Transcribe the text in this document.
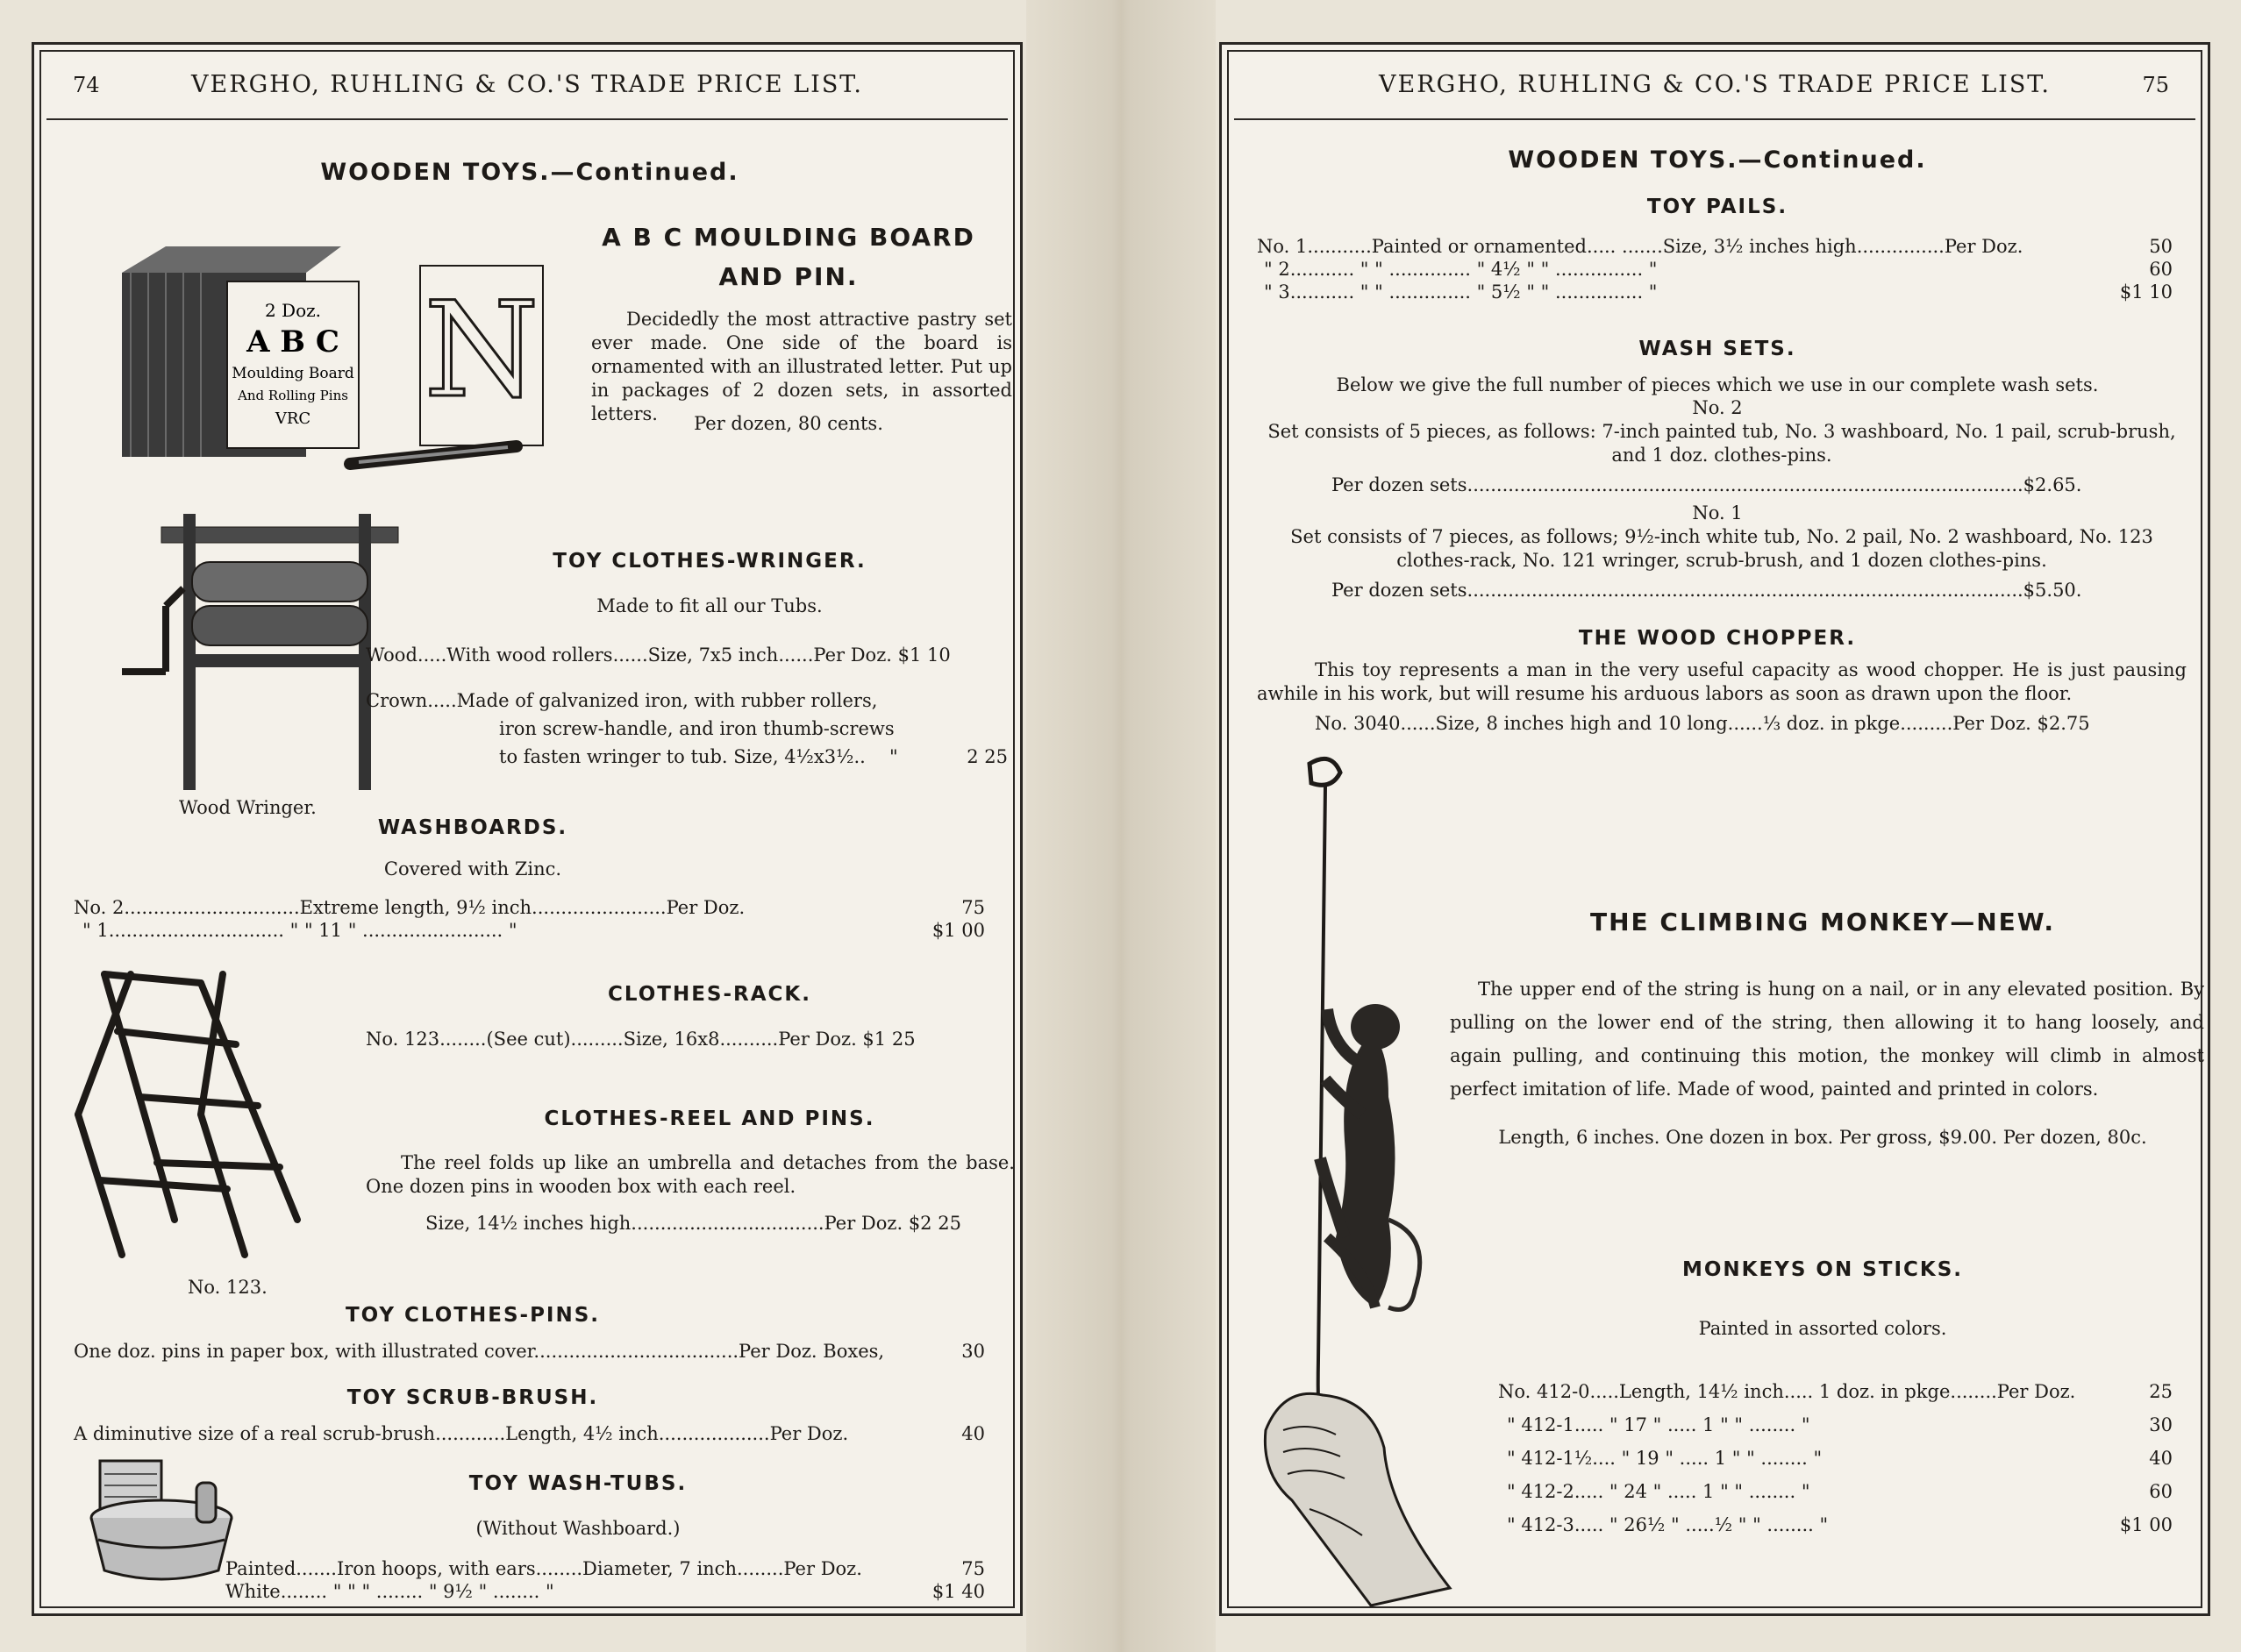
74	VERGHO, RUHLING & CO.'S TRADE PRICE LIST.
WOODEN TOYS.—Continued.
2 Doz.
A B C
Moulding Board
And Rolling Pins
VRC N
A B C MOULDING BOARD
AND PIN.
Decidedly the most attractive pastry set ever made. One side of the board is ornamented with an illustrated letter. Put up in packages of 2 dozen sets, in assorted letters.	Per dozen, 80 cents.
Wood Wringer.
TOY CLOTHES-WRINGER.
Made to fit all our Tubs.
Wood.....With wood rollers......Size, 7x5 inch......Per Doz. $1 10
Crown.....Made of galvanized iron, with rubber rollers,
iron screw-handle, and iron thumb-screws
to fasten wringer to tub. Size, 4½x3½.. "	2 25
WASHBOARDS.
Covered with Zinc.
No. 2..............................Extreme length, 9½ inch.......................Per Doz.	75
" 1.............................. " " 11 " ........................ "	$1 00
No. 123.
CLOTHES-RACK.
No. 123........(See cut).........Size, 16x8..........Per Doz. $1 25
CLOTHES-REEL AND PINS.
The reel folds up like an umbrella and detaches from the base. One dozen pins in wooden box with each reel.
Size, 14½ inches high.................................Per Doz. $2 25
TOY CLOTHES-PINS.
One doz. pins in paper box, with illustrated cover...................................Per Doz. Boxes,	30
TOY SCRUB-BRUSH.
A diminutive size of a real scrub-brush............Length, 4½ inch...................Per Doz.	40
TOY WASH-TUBS.
(Without Washboard.)
Painted.......Iron hoops, with ears........Diameter, 7 inch........Per Doz.	75
White........ " " " ........ " 9½ " ........ "	$1 40
VERGHO, RUHLING & CO.'S TRADE PRICE LIST.	75
WOODEN TOYS.—Continued.
TOY PAILS.
No. 1...........Painted or ornamented..... .......Size, 3½ inches high...............Per Doz.	50
" 2........... " " .............. " 4½ " " ............... "	60
" 3........... " " .............. " 5½ " " ............... "	$1 10
WASH SETS.
Below we give the full number of pieces which we use in our complete wash sets.
No. 2
Set consists of 5 pieces, as follows: 7-inch painted tub, No. 3 washboard, No. 1 pail, scrub-brush, and 1 doz. clothes-pins.
Per dozen sets...............................................................................................$2.65.
No. 1
Set consists of 7 pieces, as follows; 9½-inch white tub, No. 2 pail, No. 2 washboard, No. 123 clothes-rack, No. 121 wringer, scrub-brush, and 1 dozen clothes-pins.
Per dozen sets...............................................................................................$5.50.
THE WOOD CHOPPER.
This toy represents a man in the very useful capacity as wood chopper. He is just pausing awhile in his work, but will resume his arduous labors as soon as drawn upon the floor.
No. 3040......Size, 8 inches high and 10 long......⅓ doz. in pkge.........Per Doz. $2.75
THE CLIMBING MONKEY—NEW.
The upper end of the string is hung on a nail, or in any elevated position. By pulling on the lower end of the string, then allowing it to hang loosely, and again pulling, and continuing this motion, the monkey will climb in almost perfect imitation of life. Made of wood, painted and printed in colors.
Length, 6 inches. One dozen in box. Per gross, $9.00. Per dozen, 80c.
MONKEYS ON STICKS.
Painted in assorted colors.
No. 412-0.....Length, 14½ inch..... 1 doz. in pkge........Per Doz.	25
" 412-1..... " 17 " ..... 1 " " ........ "	30
" 412-1½.... " 19 " ..... 1 " " ........ "	40
" 412-2..... " 24 " ..... 1 " " ........ "	60
" 412-3..... " 26½ " .....½ " " ........ "	$1 00
